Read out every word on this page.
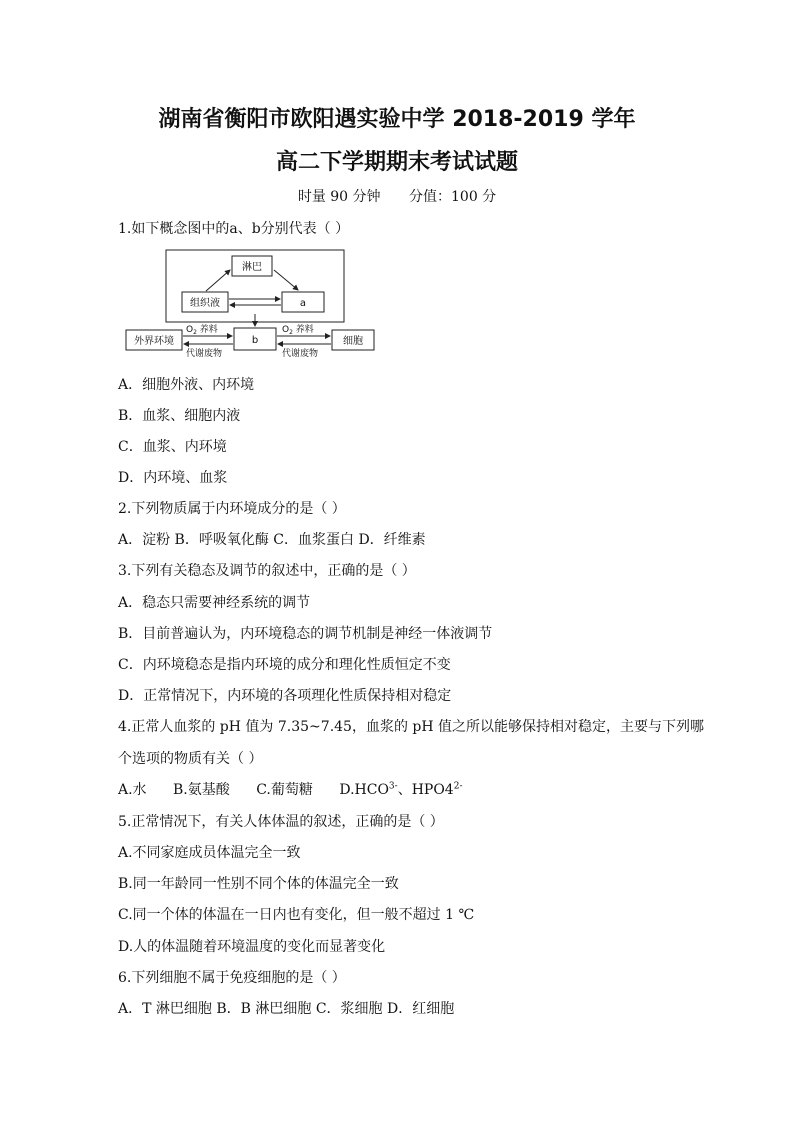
湖南省衡阳市欧阳遇实验中学 2018-2019 学年
高二下学期期末考试试题
时量 90 分钟 分值：100 分
1.如下概念图中的a、b分别代表（ ）
淋巴
组织液	a
b
外界环境	细胞
$O_2$ 养料
代谢废物
$O_2$ 养料
代谢废物
A．细胞外液、内环境
B．血浆、细胞内液
C．血浆、内环境
D．内环境、血浆
2.下列物质属于内环境成分的是（ ）
A．淀粉 B．呼吸氧化酶 C．血浆蛋白 D．纤维素
3.下列有关稳态及调节的叙述中，正确的是（ ）
A．稳态只需要神经系统的调节
B．目前普遍认为，内环境稳态的调节机制是神经一体液调节
C．内环境稳态是指内环境的成分和理化性质恒定不变
D．正常情况下，内环境的各项理化性质保持相对稳定
4.正常人血浆的 pH 值为 7.35~7.45，血浆的 pH 值之所以能够保持相对稳定，主要与下列哪
个选项的物质有关（ ）
A.水 B.氨基酸 C.葡萄糖 $D.HCO^{3-}$、$HPO4^{2-}$
5.正常情况下，有关人体体温的叙述，正确的是（ ）
A.不同家庭成员体温完全一致
B.同一年龄同一性别不同个体的体温完全一致
C.同一个体的体温在一日内也有变化，但一般不超过 1 ℃
D.人的体温随着环境温度的变化而显著变化
6.下列细胞不属于免疫细胞的是（ ）
A．T 淋巴细胞 B．B 淋巴细胞 C．浆细胞 D．红细胞
